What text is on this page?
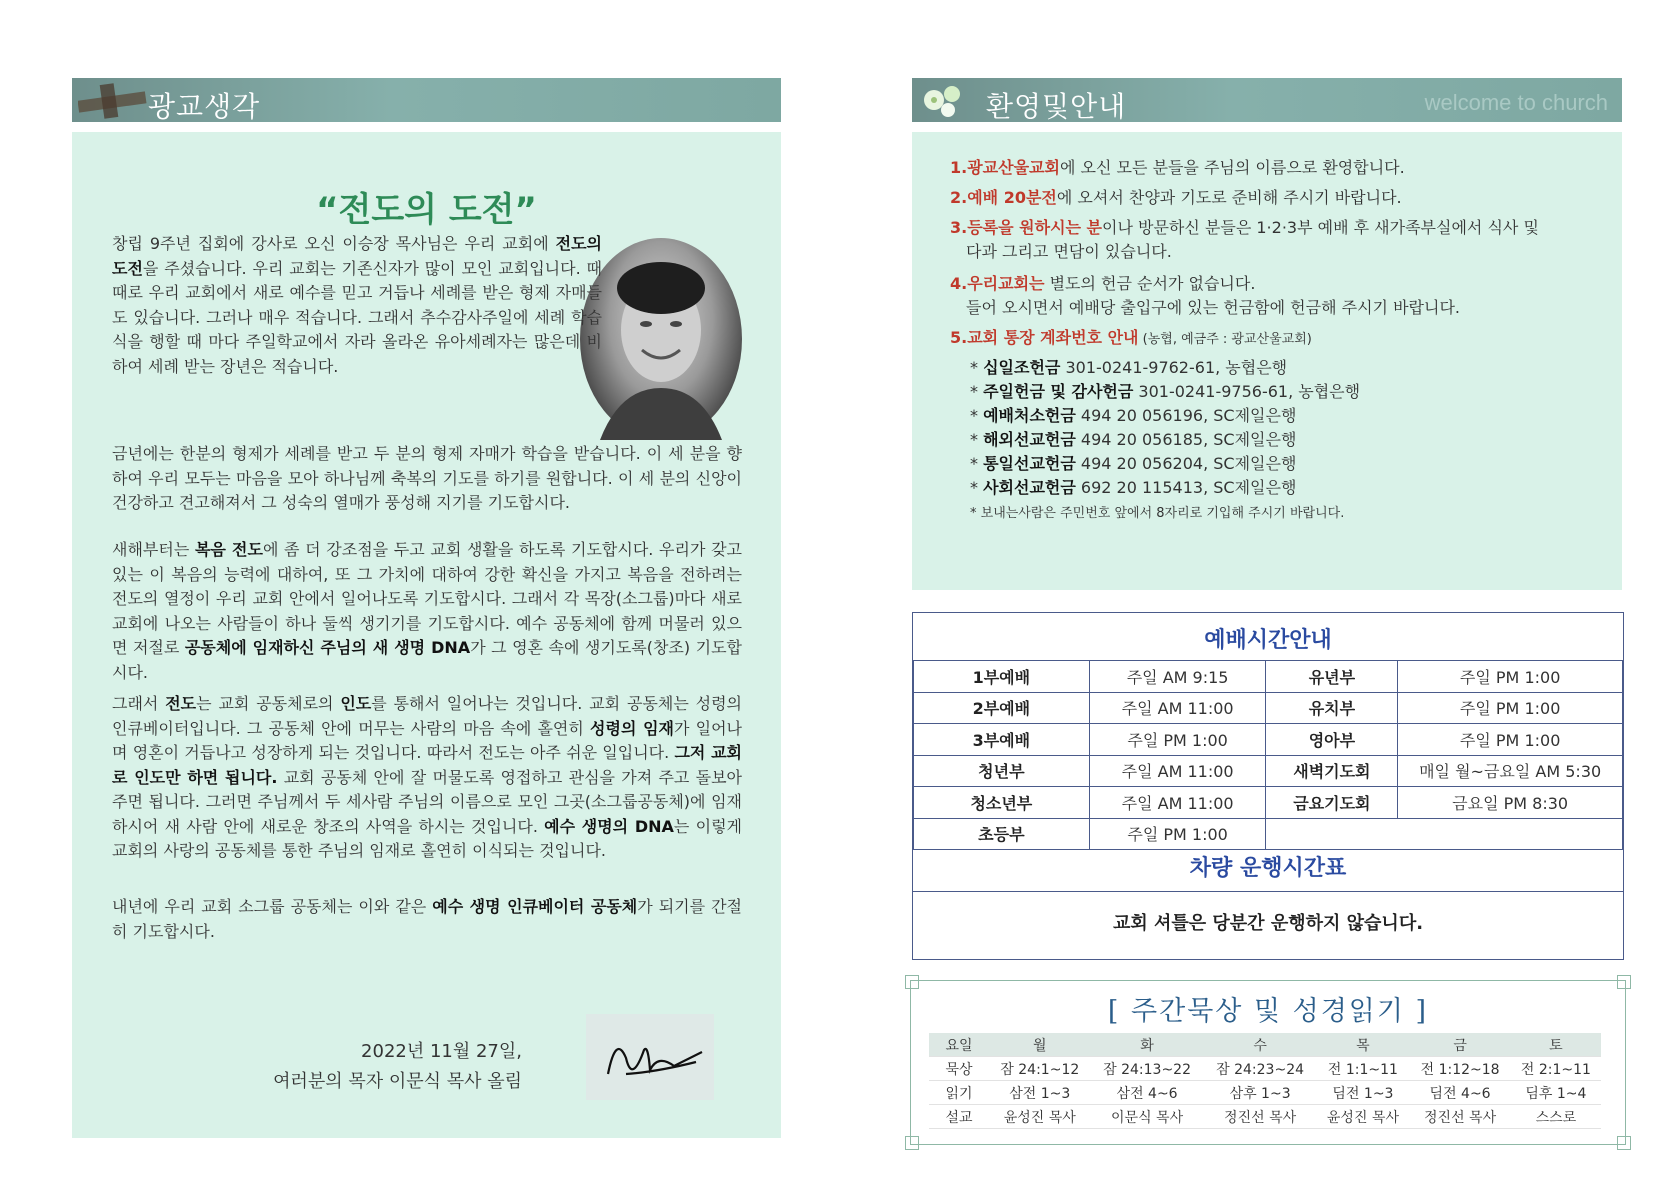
광교생각
“전도의 도전”

창립 9주년 집회에 강사로 오신 이승장 목사님은 우리 교회에 전도의 도전을 주셨습니다. 우리 교회는 기존신자가 많이 모인 교회입니다. 때때로 우리 교회에서 새로 예수를 믿고 거듭나 세례를 받은 형제 자매들도 있습니다. 그러나 매우 적습니다. 그래서 추수감사주일에 세례 학습식을 행할 때 마다 주일학교에서 자라 올라온 유아세례자는 많은데 비하여 세례 받는 장년은 적습니다.

금년에는 한분의 형제가 세례를 받고 두 분의 형제 자매가 학습을 받습니다. 이 세 분을 향하여 우리 모두는 마음을 모아 하나님께 축복의 기도를 하기를 원합니다. 이 세 분의 신앙이 건강하고 견고해져서 그 성숙의 열매가 풍성해 지기를 기도합시다.

새해부터는 복음 전도에 좀 더 강조점을 두고 교회 생활을 하도록 기도합시다. 우리가 갖고 있는 이 복음의 능력에 대하여, 또 그 가치에 대하여 강한 확신을 가지고 복음을 전하려는 전도의 열정이 우리 교회 안에서 일어나도록 기도합시다. 그래서 각 목장(소그룹)마다 새로 교회에 나오는 사람들이 하나 둘씩 생기기를 기도합시다. 예수 공동체에 함께 머물러 있으면 저절로 공동체에 임재하신 주님의 새 생명 DNA가 그 영혼 속에 생기도록(창조) 기도합시다.

그래서 전도는 교회 공동체로의 인도를 통해서 일어나는 것입니다. 교회 공동체는 성령의 인큐베이터입니다. 그 공동체 안에 머무는 사람의 마음 속에 홀연히 성령의 임재가 일어나며 영혼이 거듭나고 성장하게 되는 것입니다. 따라서 전도는 아주 쉬운 일입니다. 그저 교회로 인도만 하면 됩니다. 교회 공동체 안에 잘 머물도록 영접하고 관심을 가져 주고 돌보아주면 됩니다. 그러면 주님께서 두 세사람 주님의 이름으로 모인 그곳(소그룹공동체)에 임재하시어 새 사람 안에 새로운 창조의 사역을 하시는 것입니다. 예수 생명의 DNA는 이렇게 교회의 사랑의 공동체를 통한 주님의 임재로 홀연히 이식되는 것입니다.

내년에 우리 교회 소그룹 공동체는 이와 같은 예수 생명 인큐베이터 공동체가 되기를 간절히 기도합시다.

2022년 11월 27일,
여러분의 목자 이문식 목사 올림
환영및안내	welcome to church

1.광교산울교회에 오신 모든 분들을 주님의 이름으로 환영합니다.

2.예배 20분전에 오셔서 찬양과 기도로 준비해 주시기 바랍니다.

3.등록을 원하시는 분이나 방문하신 분들은 1·2·3부 예배 후 새가족부실에서 식사 및
다과 그리고 면담이 있습니다.

4.우리교회는 별도의 헌금 순서가 없습니다.
들어 오시면서 예배당 출입구에 있는 헌금함에 헌금해 주시기 바랍니다.

5.교회 통장 계좌번호 안내 (농협, 예금주 : 광교산울교회)

* 십일조헌금 301-0241-9762-61, 농협은행
* 주일헌금 및 감사헌금 301-0241-9756-61, 농협은행
* 예배처소헌금 494 20 056196, SC제일은행
* 해외선교헌금 494 20 056185, SC제일은행
* 통일선교헌금 494 20 056204, SC제일은행
* 사회선교헌금 692 20 115413, SC제일은행
* 보내는사람은 주민번호 앞에서 8자리로 기입해 주시기 바랍니다.
예배시간안내
1부예배	주일 AM 9:15	유년부	주일 PM 1:00
2부예배	주일 AM 11:00	유치부	주일 PM 1:00
3부예배	주일 PM 1:00	영아부	주일 PM 1:00
청년부	주일 AM 11:00	새벽기도회	매일 월~금요일 AM 5:30
청소년부	주일 AM 11:00	금요기도회	금요일 PM 8:30
초등부	주일 PM 1:00		
차량 운행시간표
교회 셔틀은 당분간 운행하지 않습니다.
[ 주간묵상 및 성경읽기 ]
요일	월	화	수	목	금	토
묵상	잠 24:1~12	잠 24:13~22	잠 24:23~24	전 1:1~11	전 1:12~18	전 2:1~11
읽기	삼전 1~3	삼전 4~6	삼후 1~3	딤전 1~3	딤전 4~6	딤후 1~4
설교	윤성진 목사	이문식 목사	정진선 목사	윤성진 목사	정진선 목사	스스로
